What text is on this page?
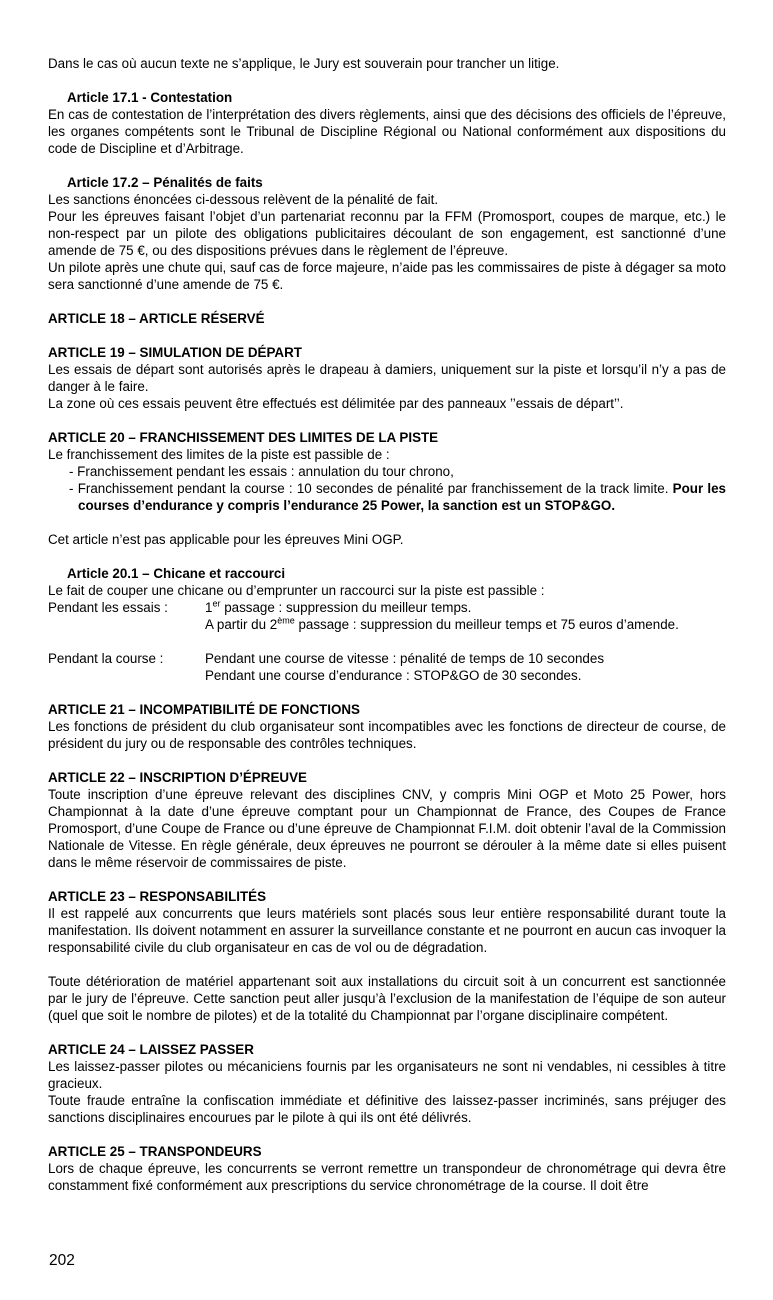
Dans le cas où aucun texte ne s’applique, le Jury est souverain pour trancher un litige.
Article 17.1 - Contestation
En cas de contestation de l’interprétation des divers règlements, ainsi que des décisions des officiels de l’épreuve, les organes compétents sont le Tribunal de Discipline Régional ou National conformément aux dispositions du code de Discipline et d’Arbitrage.
Article 17.2 – Pénalités de faits
Les sanctions énoncées ci-dessous relèvent de la pénalité de fait.
Pour les épreuves faisant l’objet d’un partenariat reconnu par la FFM (Promosport, coupes de marque, etc.) le non-respect par un pilote des obligations publicitaires découlant de son engagement, est sanctionné d’une amende de 75 €, ou des dispositions prévues dans le règlement de l’épreuve.
Un pilote après une chute qui, sauf cas de force majeure, n’aide pas les commissaires de piste à dégager sa moto sera sanctionné d’une amende de 75 €.
ARTICLE 18 – ARTICLE RÉSERVÉ
ARTICLE 19 – SIMULATION DE DÉPART
Les essais de départ sont autorisés après le drapeau à damiers, uniquement sur la piste et lorsqu’il n’y a pas de danger à le faire.
La zone où ces essais peuvent être effectués est délimitée par des panneaux ’’essais de départ’’.
ARTICLE 20 – FRANCHISSEMENT DES LIMITES DE LA PISTE
Le franchissement des limites de la piste est passible de :
- Franchissement pendant les essais : annulation du tour chrono,
- Franchissement pendant la course : 10 secondes de pénalité par franchissement de la track limite. Pour les courses d’endurance y compris l’endurance 25 Power, la sanction est un STOP&GO.
Cet article n’est pas applicable pour les épreuves Mini OGP.
Article 20.1 – Chicane et raccourci
Le fait de couper une chicane ou d’emprunter un raccourci sur la piste est passible :
Pendant les essais :	1er passage : suppression du meilleur temps.
A partir du 2ème passage : suppression du meilleur temps et 75 euros d’amende.
Pendant la course :	Pendant une course de vitesse : pénalité de temps de 10 secondes
Pendant une course d’endurance : STOP&GO de 30 secondes.
ARTICLE 21 – INCOMPATIBILITÉ DE FONCTIONS
Les fonctions de président du club organisateur sont incompatibles avec les fonctions de directeur de course, de président du jury ou de responsable des contrôles techniques.
ARTICLE 22 – INSCRIPTION D’ÉPREUVE
Toute inscription d’une épreuve relevant des disciplines CNV, y compris Mini OGP et Moto 25 Power, hors Championnat à la date d’une épreuve comptant pour un Championnat de France, des Coupes de France Promosport, d’une Coupe de France ou d’une épreuve de Championnat F.I.M. doit obtenir l’aval de la Commission Nationale de Vitesse. En règle générale, deux épreuves ne pourront se dérouler à la même date si elles puisent dans le même réservoir de commissaires de piste.
ARTICLE 23 – RESPONSABILITÉS
Il est rappelé aux concurrents que leurs matériels sont placés sous leur entière responsabilité durant toute la manifestation. Ils doivent notamment en assurer la surveillance constante et ne pourront en aucun cas invoquer la responsabilité civile du club organisateur en cas de vol ou de dégradation.
Toute détérioration de matériel appartenant soit aux installations du circuit soit à un concurrent est sanctionnée par le jury de l’épreuve. Cette sanction peut aller jusqu’à l’exclusion de la manifestation de l’équipe de son auteur (quel que soit le nombre de pilotes) et de la totalité du Championnat par l’organe disciplinaire compétent.
ARTICLE 24 – LAISSEZ PASSER
Les laissez-passer pilotes ou mécaniciens fournis par les organisateurs ne sont ni vendables, ni cessibles à titre gracieux.
Toute fraude entraîne la confiscation immédiate et définitive des laissez-passer incriminés, sans préjuger des sanctions disciplinaires encourues par le pilote à qui ils ont été délivrés.
ARTICLE 25 – TRANSPONDEURS
Lors de chaque épreuve, les concurrents se verront remettre un transpondeur de chronométrage qui devra être constamment fixé conformément aux prescriptions du service chronométrage de la course. Il doit être
202
